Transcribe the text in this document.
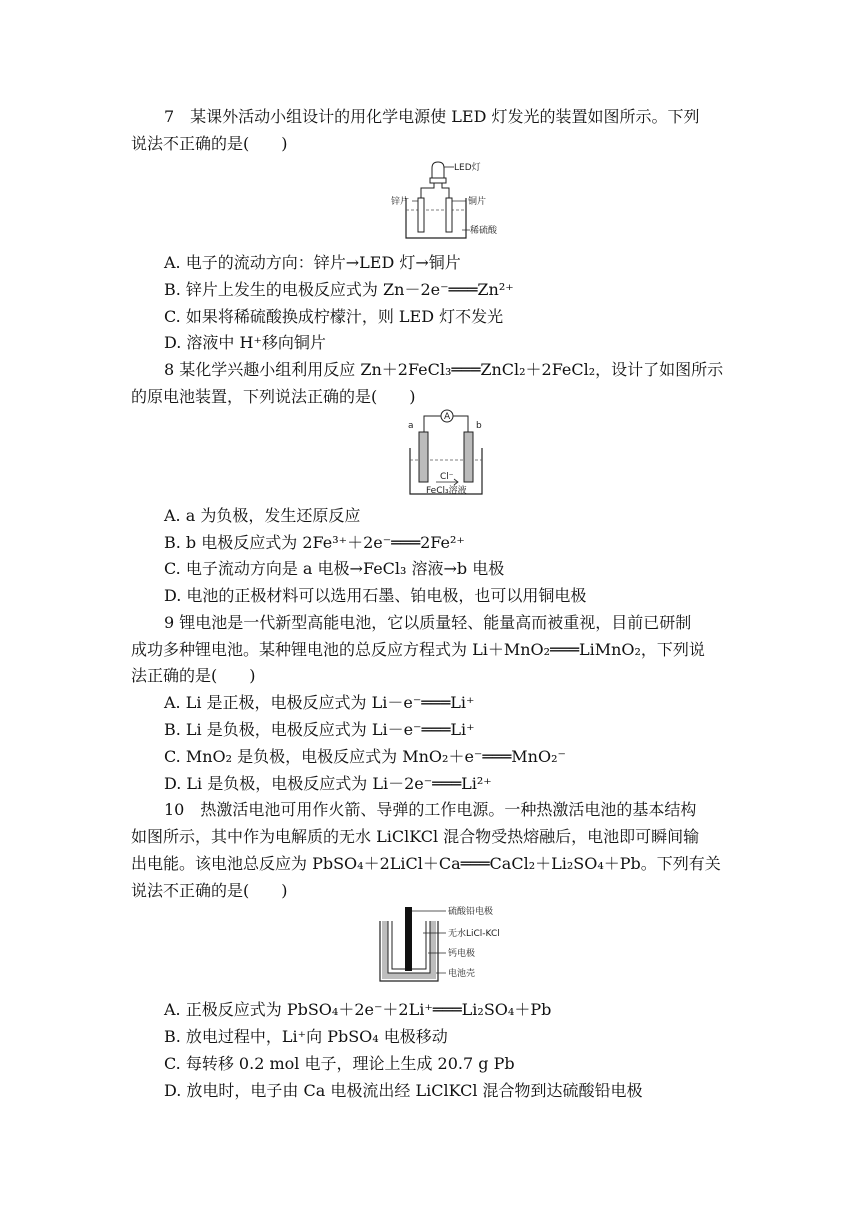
7　某课外活动小组设计的用化学电源使 LED 灯发光的装置如图所示。下列
说法不正确的是(　　)
LED灯
锌片	铜片
稀硫酸
A. 电子的流动方向：锌片→LED 灯→铜片
B. 锌片上发生的电极反应式为 Zn－2e⁻═══Zn²⁺
C. 如果将稀硫酸换成柠檬汁，则 LED 灯不发光
D. 溶液中 H⁺移向铜片
8 某化学兴趣小组利用反应 Zn＋2FeCl₃═══ZnCl₂＋2FeCl₂，设计了如图所示
的原电池装置，下列说法正确的是(　　)
A
a	b
Cl⁻
FeCl₃溶液
A. a 为负极，发生还原反应
B. b 电极反应式为 2Fe³⁺＋2e⁻═══2Fe²⁺
C. 电子流动方向是 a 电极→FeCl₃ 溶液→b 电极
D. 电池的正极材料可以选用石墨、铂电极，也可以用铜电极
9 锂电池是一代新型高能电池，它以质量轻、能量高而被重视，目前已研制
成功多种锂电池。某种锂电池的总反应方程式为 Li＋MnO₂═══LiMnO₂，下列说
法正确的是(　　)
A. Li 是正极，电极反应式为 Li－e⁻═══Li⁺
B. Li 是负极，电极反应式为 Li－e⁻═══Li⁺
C. MnO₂ 是负极，电极反应式为 MnO₂＋e⁻═══MnO₂⁻
D. Li 是负极，电极反应式为 Li－2e⁻═══Li²⁺
10　热激活电池可用作火箭、导弹的工作电源。一种热激活电池的基本结构
如图所示，其中作为电解质的无水 LiClKCl 混合物受热熔融后，电池即可瞬间输
出电能。该电池总反应为 PbSO₄＋2LiCl＋Ca═══CaCl₂＋Li₂SO₄＋Pb。下列有关
说法不正确的是(　　)
硫酸铅电极
无水LiCl-KCl
钙电极
电池壳
A. 正极反应式为 PbSO₄＋2e⁻＋2Li⁺═══Li₂SO₄＋Pb
B. 放电过程中，Li⁺向 PbSO₄ 电极移动
C. 每转移 0.2 mol 电子，理论上生成 20.7 g Pb
D. 放电时，电子由 Ca 电极流出经 LiClKCl 混合物到达硫酸铅电极
